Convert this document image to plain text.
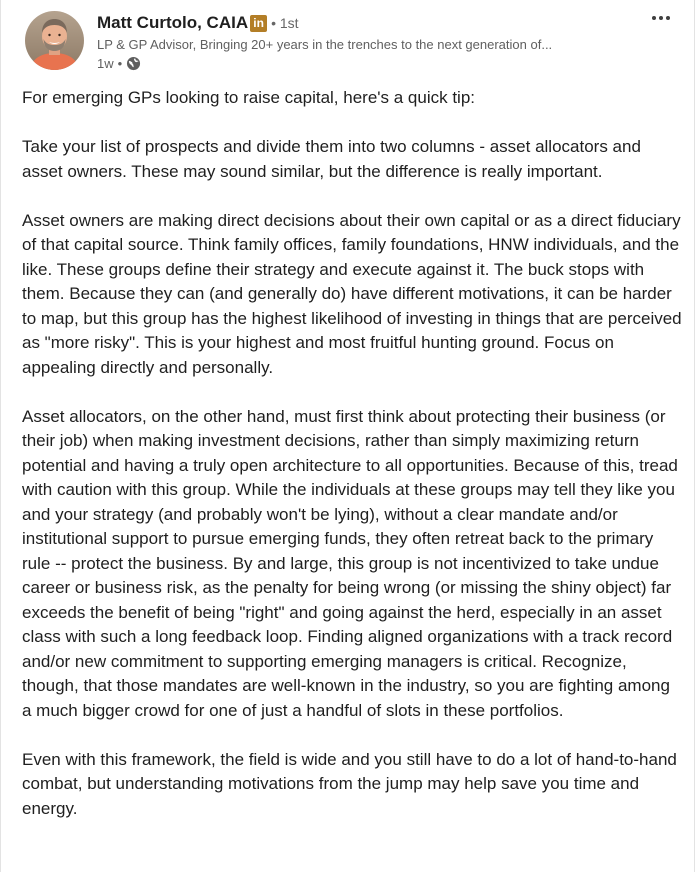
Matt Curtolo, CAIA in • 1st
LP & GP Advisor, Bringing 20+ years in the trenches to the next generation of...
1w •

For emerging GPs looking to raise capital, here's a quick tip:

Take your list of prospects and divide them into two columns - asset allocators and asset owners. These may sound similar, but the difference is really important.

Asset owners are making direct decisions about their own capital or as a direct fiduciary of that capital source. Think family offices, family foundations, HNW individuals, and the like. These groups define their strategy and execute against it. The buck stops with them. Because they can (and generally do) have different motivations, it can be harder to map, but this group has the highest likelihood of investing in things that are perceived as "more risky". This is your highest and most fruitful hunting ground. Focus on appealing directly and personally.

Asset allocators, on the other hand, must first think about protecting their business (or their job) when making investment decisions, rather than simply maximizing return potential and having a truly open architecture to all opportunities. Because of this, tread with caution with this group. While the individuals at these groups may tell they like you and your strategy (and probably won't be lying), without a clear mandate and/or institutional support to pursue emerging funds, they often retreat back to the primary rule -- protect the business. By and large, this group is not incentivized to take undue career or business risk, as the penalty for being wrong (or missing the shiny object) far exceeds the benefit of being "right" and going against the herd, especially in an asset class with such a long feedback loop. Finding aligned organizations with a track record and/or new commitment to supporting emerging managers is critical. Recognize, though, that those mandates are well-known in the industry, so you are fighting among a much bigger crowd for one of just a handful of slots in these portfolios.

Even with this framework, the field is wide and you still have to do a lot of hand-to-hand combat, but understanding motivations from the jump may help save you time and energy.
